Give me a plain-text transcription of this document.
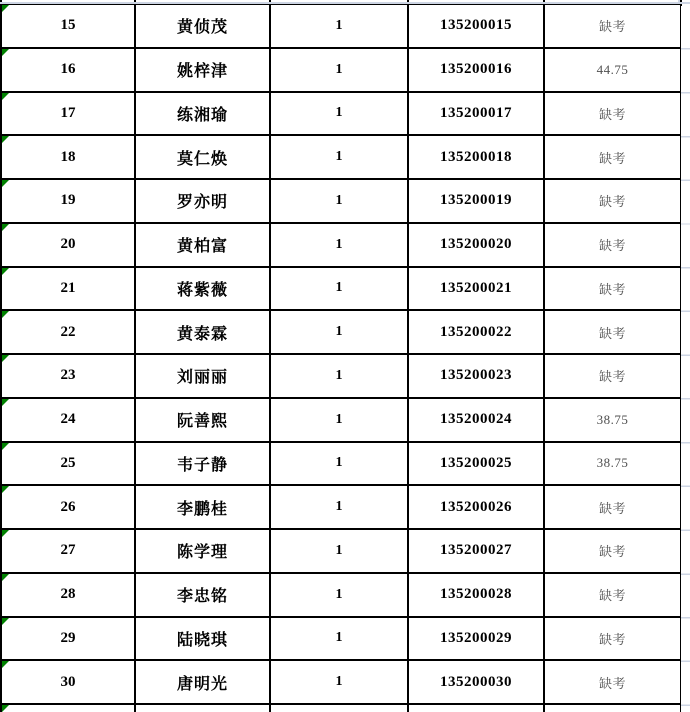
15	黄侦茂	1	135200015	缺考

16	姚梓津	1	135200016	44.75

17	练湘瑜	1	135200017	缺考

18	莫仁焕	1	135200018	缺考

19	罗亦明	1	135200019	缺考

20	黄柏富	1	135200020	缺考

21	蒋紫薇	1	135200021	缺考

22	黄泰霖	1	135200022	缺考

23	刘丽丽	1	135200023	缺考

24	阮善熙	1	135200024	38.75

25	韦子静	1	135200025	38.75

26	李鹏桂	1	135200026	缺考

27	陈学理	1	135200027	缺考

28	李忠铭	1	135200028	缺考

29	陆晓琪	1	135200029	缺考

30	唐明光	1	135200030	缺考
